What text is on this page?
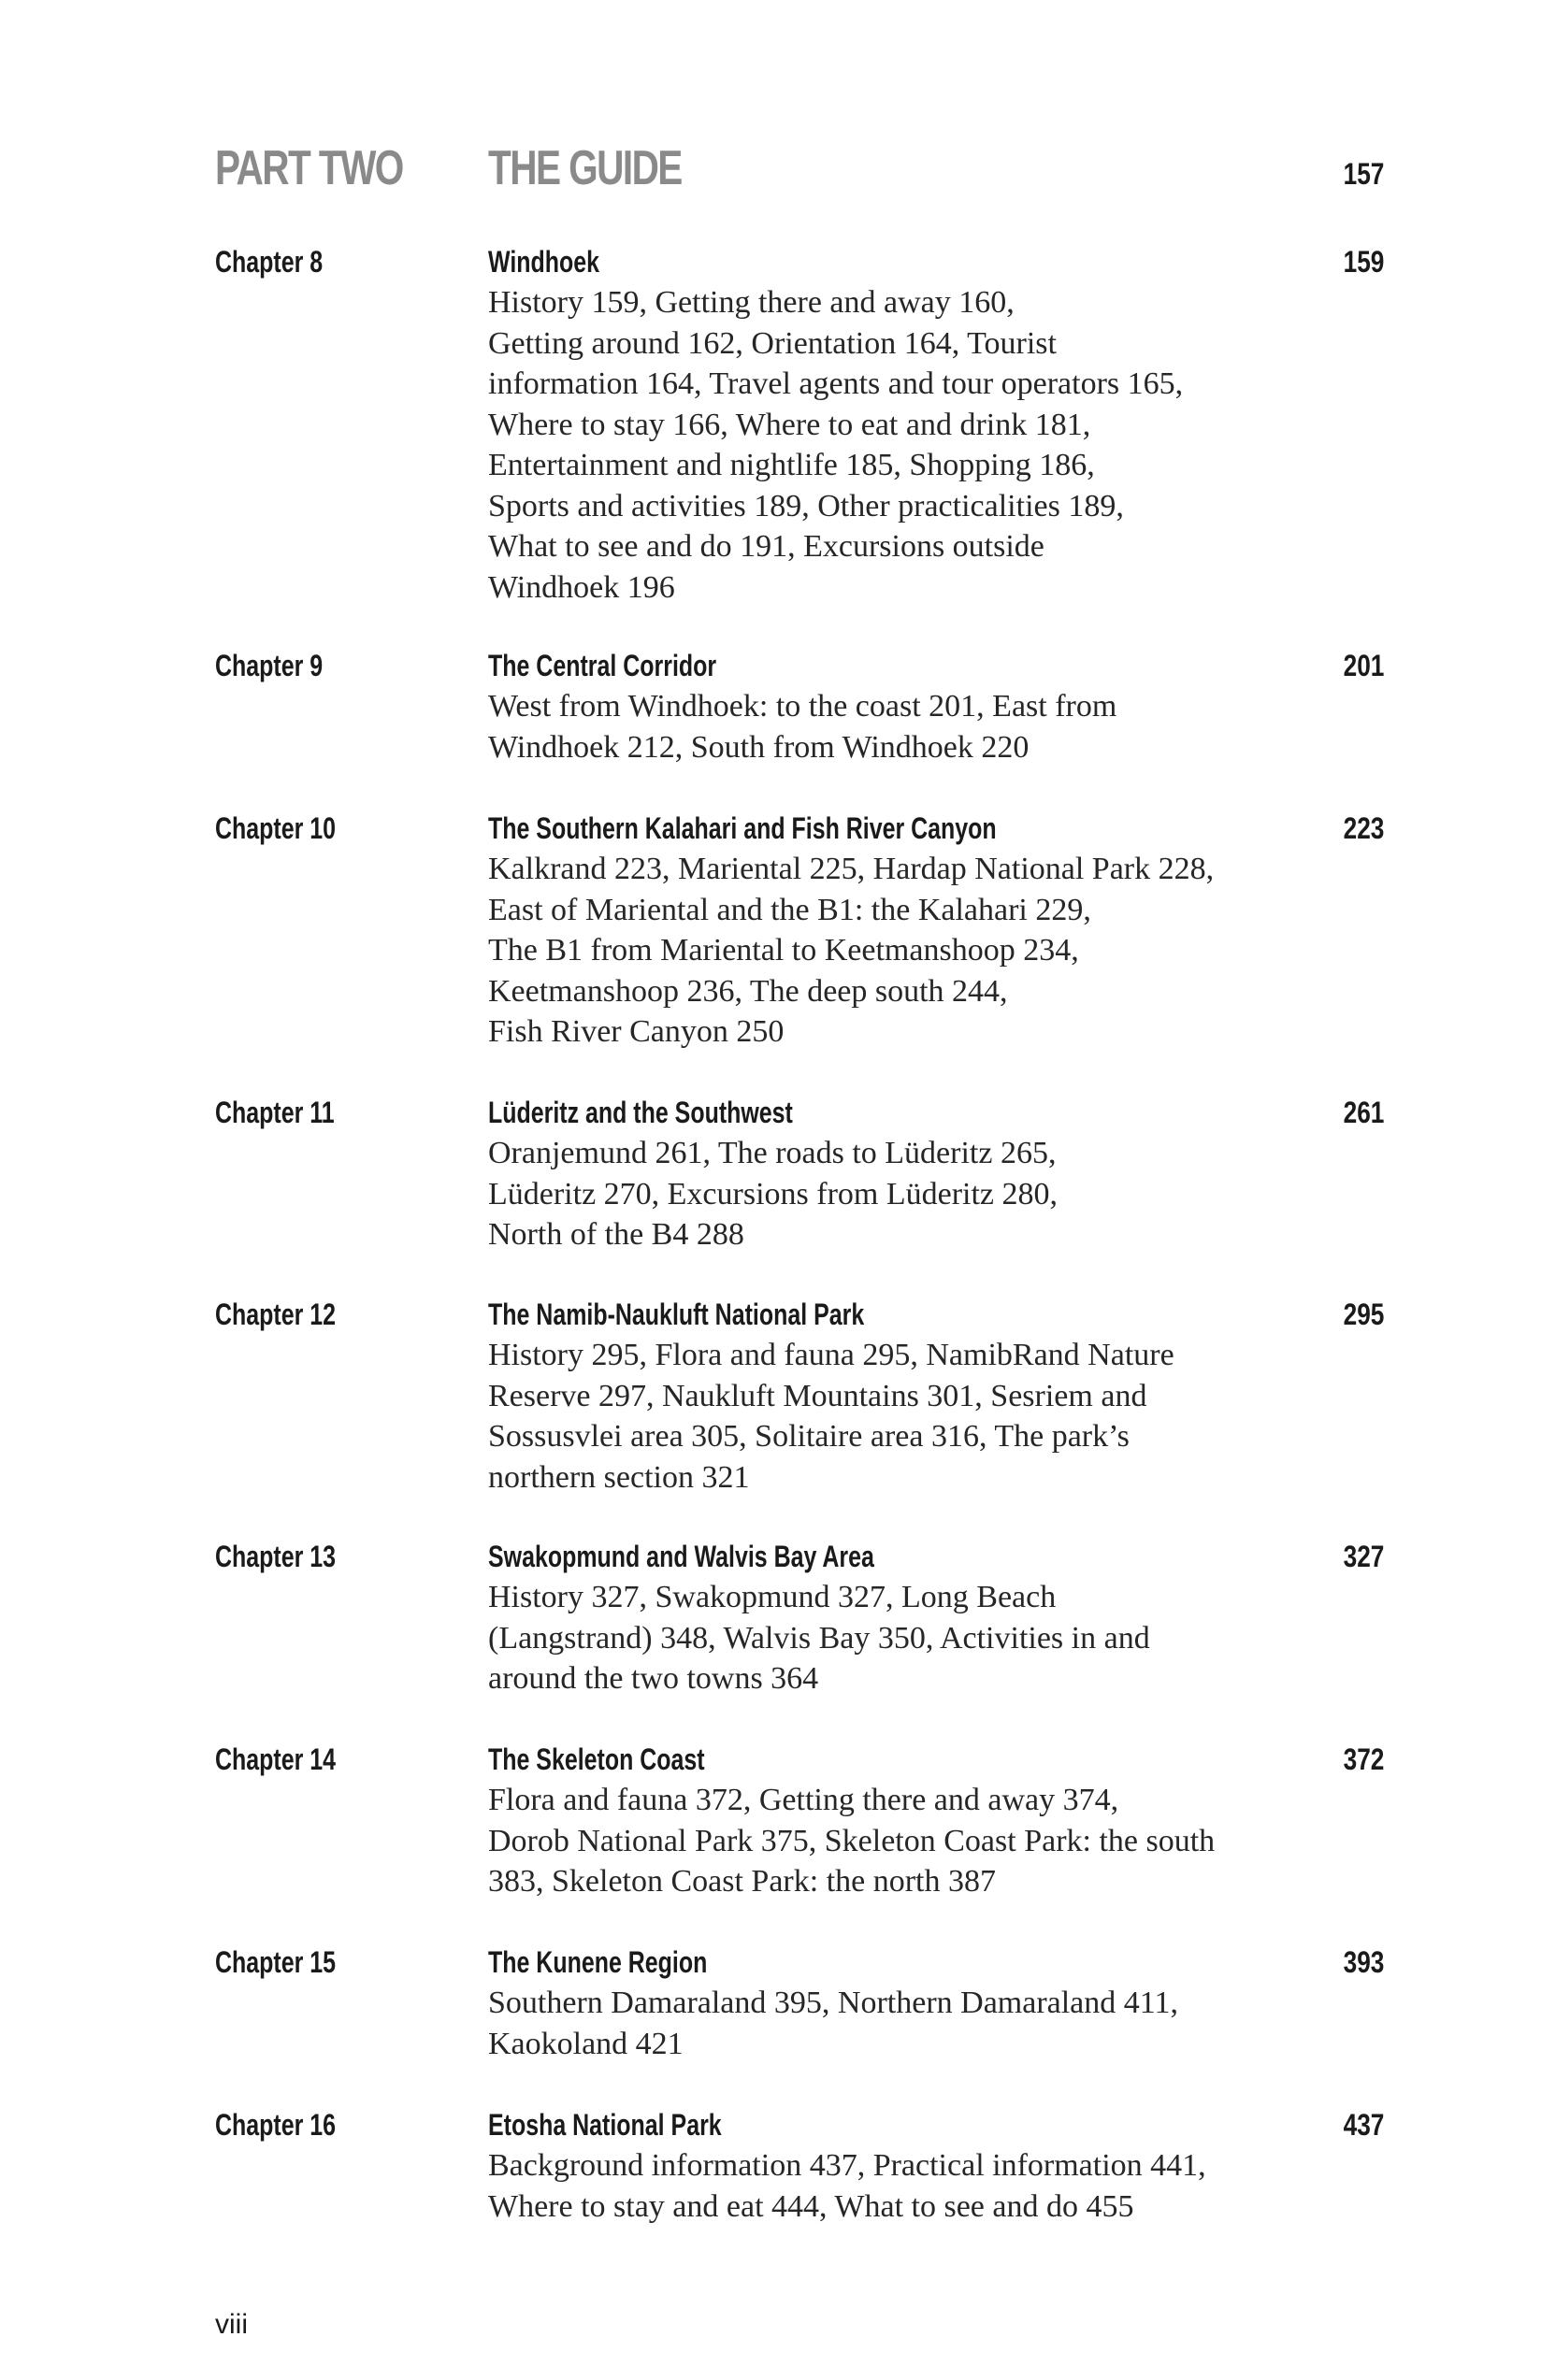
PART TWO THE GUIDE	157
Chapter 8	Windhoek	159
History 159, Getting there and away 160,
Getting around 162, Orientation 164, Tourist
information 164, Travel agents and tour operators 165,
Where to stay 166, Where to eat and drink 181,
Entertainment and nightlife 185, Shopping 186,
Sports and activities 189, Other practicalities 189,
What to see and do 191, Excursions outside
Windhoek 196
Chapter 9	The Central Corridor	201
West from Windhoek: to the coast 201, East from
Windhoek 212, South from Windhoek 220
Chapter 10	The Southern Kalahari and Fish River Canyon	223
Kalkrand 223, Mariental 225, Hardap National Park 228,
East of Mariental and the B1: the Kalahari 229,
The B1 from Mariental to Keetmanshoop 234,
Keetmanshoop 236, The deep south 244,
Fish River Canyon 250
Chapter 11	Lüderitz and the Southwest	261
Oranjemund 261, The roads to Lüderitz 265,
Lüderitz 270, Excursions from Lüderitz 280,
North of the B4 288
Chapter 12	The Namib-Naukluft National Park	295
History 295, Flora and fauna 295, NamibRand Nature
Reserve 297, Naukluft Mountains 301, Sesriem and
Sossusvlei area 305, Solitaire area 316, The park’s
northern section 321
Chapter 13	Swakopmund and Walvis Bay Area	327
History 327, Swakopmund 327, Long Beach
(Langstrand) 348, Walvis Bay 350, Activities in and
around the two towns 364
Chapter 14	The Skeleton Coast	372
Flora and fauna 372, Getting there and away 374,
Dorob National Park 375, Skeleton Coast Park: the south
383, Skeleton Coast Park: the north 387
Chapter 15	The Kunene Region	393
Southern Damaraland 395, Northern Damaraland 411,
Kaokoland 421
Chapter 16	Etosha National Park	437
Background information 437, Practical information 441,
Where to stay and eat 444, What to see and do 455
viii
